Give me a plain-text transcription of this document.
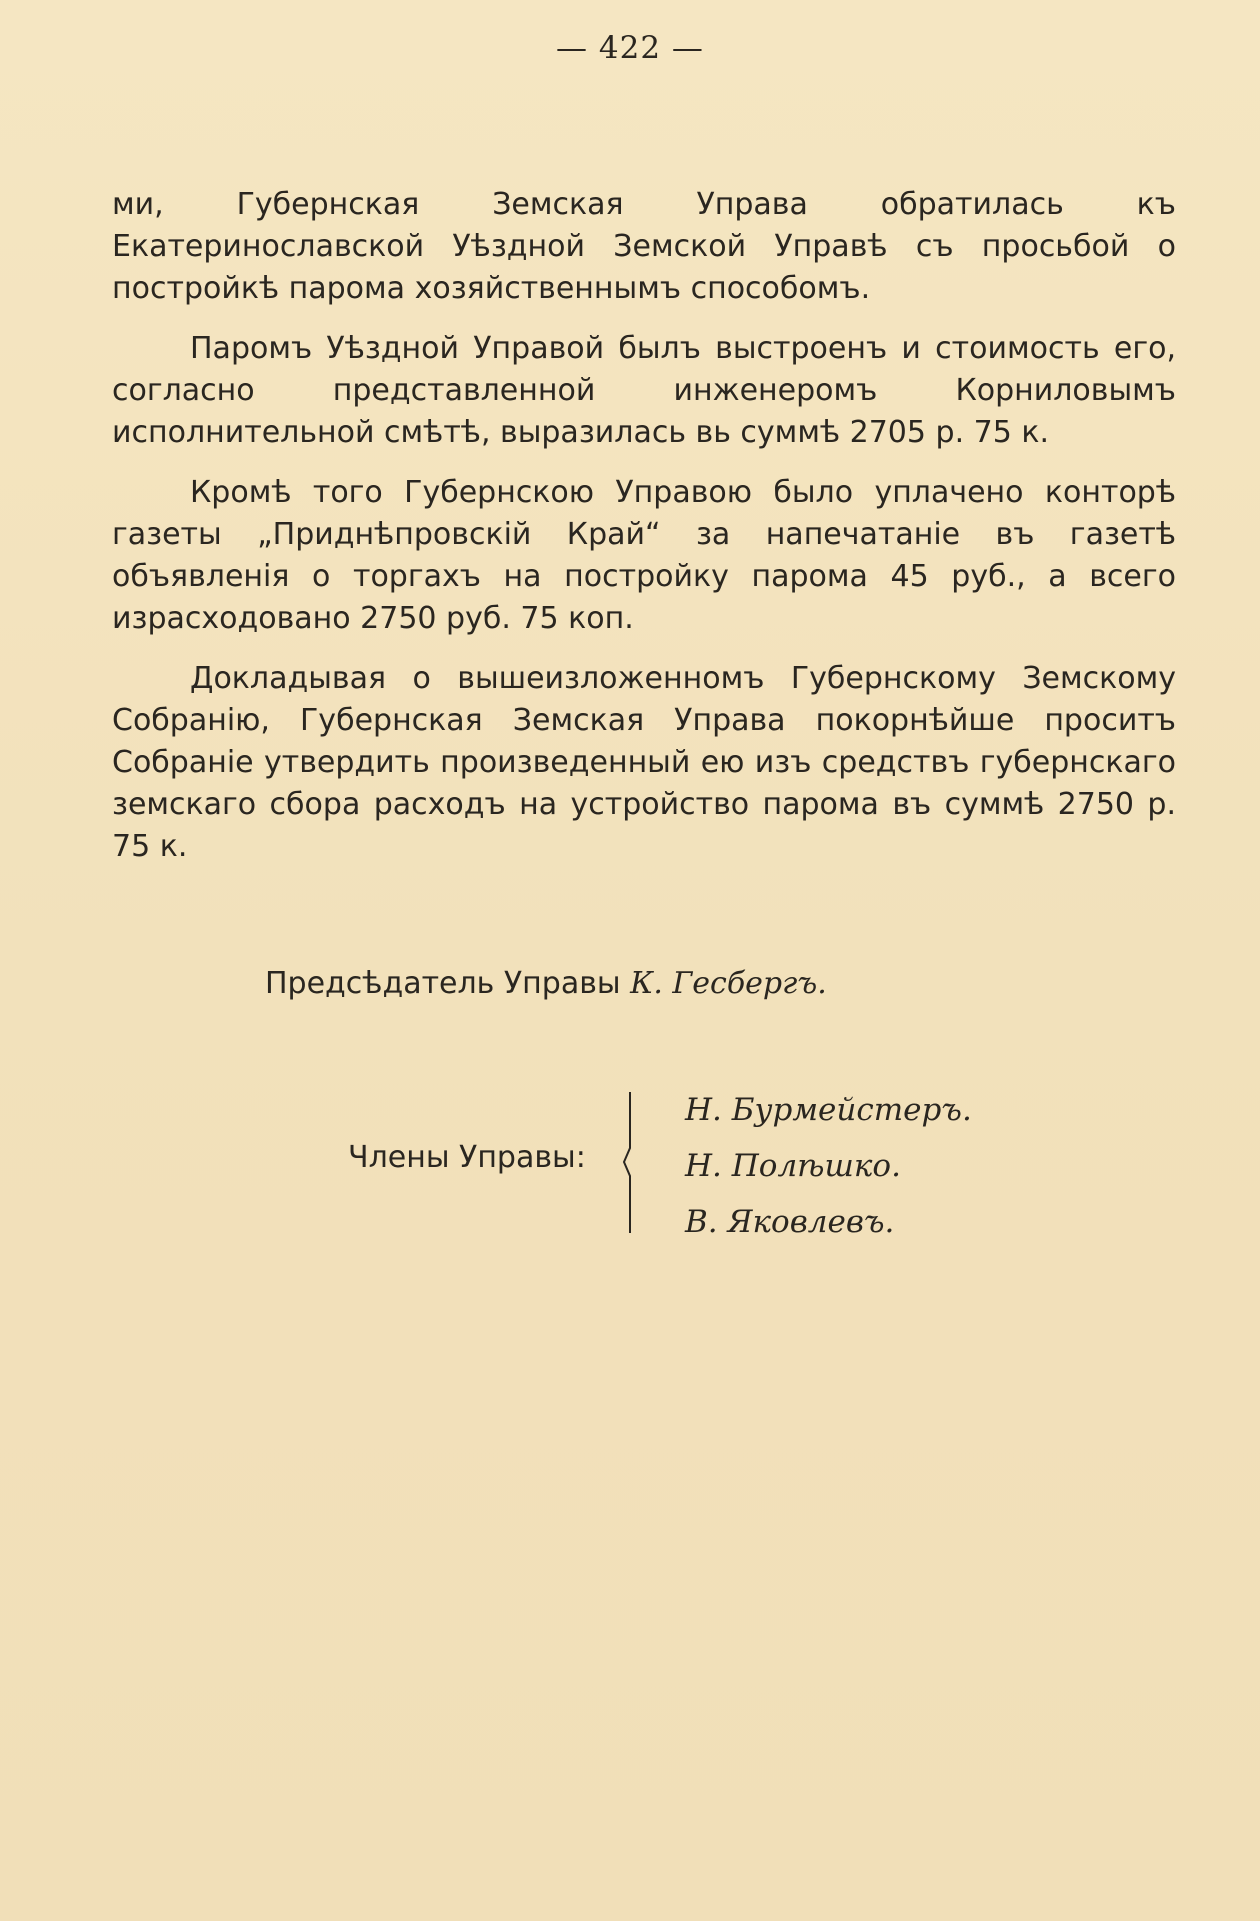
— 422 —

ми, Губернская Земская Управа обратилась къ Екатеринославской Уѣздной Земской Управѣ съ просьбой о постройкѣ парома хозяйственнымъ способомъ.

Паромъ Уѣздной Управой былъ выстроенъ и стоимость его, согласно представленной инженеромъ Корниловымъ исполнительной смѣтѣ, выразилась вь суммѣ 2705 р. 75 к.

Кромѣ того Губернскою Управою было уплачено конторѣ газеты „Приднѣпровскій Край“ за напечатаніе въ газетѣ объявленія о торгахъ на постройку парома 45 руб., а всего израсходовано 2750 руб. 75 коп.

Докладывая о вышеизложенномъ Губернскому Земскому Собранію, Губернская Земская Управа покорнѣйше проситъ Собраніе утвердить произведенный ею изъ средствъ губернскаго земскаго сбора расходъ на устройство парома въ суммѣ 2750 р. 75 к.

Предсѣдатель Управы К. Гесбергъ.
Члены Управы:
Н. Бурмейстеръ.
Н. Полѣшко.
В. Яковлевъ.
